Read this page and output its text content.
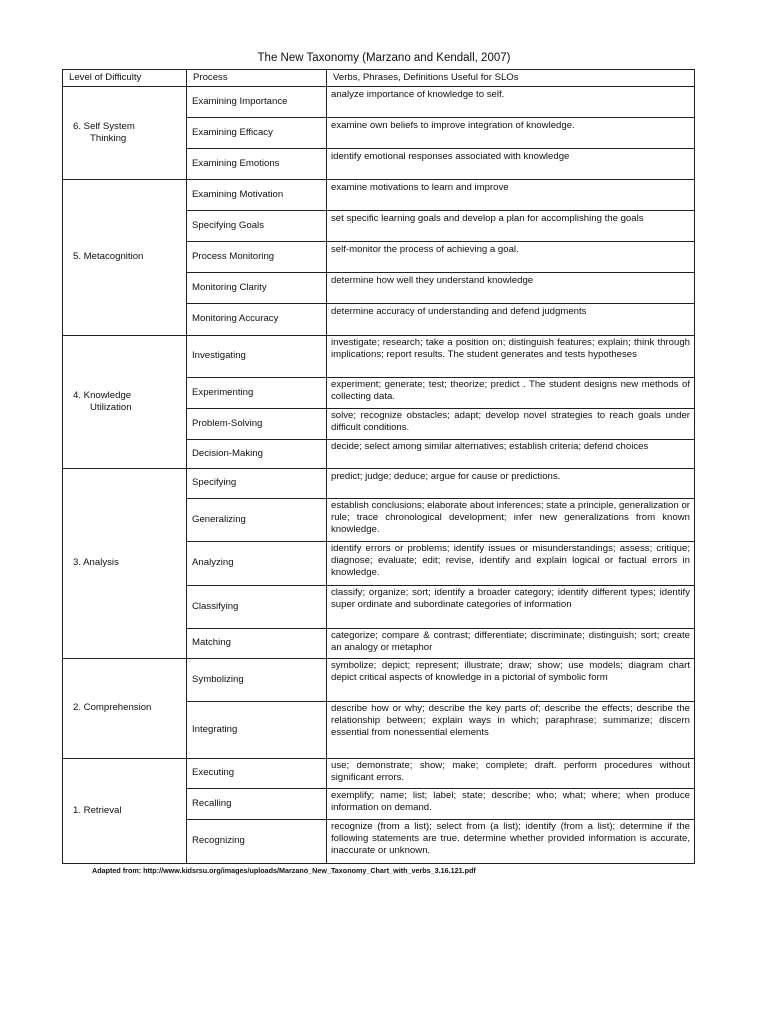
The New Taxonomy (Marzano and Kendall, 2007)
Level of Difficulty	Process	Verbs, Phrases, Definitions Useful for SLOs

6. Self System
Thinking	Examining Importance	analyze importance of knowledge to self.
	Examining Efficacy	examine own beliefs to improve integration of knowledge.
	Examining Emotions	identify emotional responses associated with knowledge

5. Metacognition	Examining Motivation	examine motivations to learn and improve
	Specifying Goals	set specific learning goals and develop a plan for accomplishing the goals
	Process Monitoring	self-monitor the process of achieving a goal.
	Monitoring Clarity	determine how well they understand knowledge
	Monitoring Accuracy	determine accuracy of understanding and defend judgments

4. Knowledge
Utilization	Investigating	investigate; research; take a position on; distinguish features; explain; think through implications; report results. The student generates and tests hypotheses
	Experimenting	experiment; generate; test; theorize; predict . The student designs new methods of collecting data.
	Problem-Solving	solve; recognize obstacles; adapt; develop novel strategies to reach goals under difficult conditions.
	Decision-Making	decide; select among similar alternatives; establish criteria; defend choices

3. Analysis	Specifying	predict; judge; deduce; argue for cause or predictions.
	Generalizing	establish conclusions; elaborate about inferences; state a principle, generalization or rule; trace chronological development; infer new generalizations from known knowledge.
	Analyzing	identify errors or problems; identify issues or misunderstandings; assess; critique; diagnose; evaluate; edit; revise, identify and explain logical or factual errors in knowledge.
	Classifying	classify; organize; sort; identify a broader category; identify different types; identify super ordinate and subordinate categories of information
	Matching	categorize; compare & contrast; differentiate; discriminate; distinguish; sort; create an analogy or metaphor

2. Comprehension	Symbolizing	symbolize; depict; represent; illustrate; draw; show; use models; diagram chart depict critical aspects of knowledge in a pictorial of symbolic form
	Integrating	describe how or why; describe the key parts of; describe the effects; describe the relationship between; explain ways in which; paraphrase; summarize; discern essential from nonessential elements

1. Retrieval	Executing	use; demonstrate; show; make; complete; draft. perform procedures without significant errors.
	Recalling	exemplify; name; list; label; state; describe; who; what; where; when produce information on demand.
	Recognizing	recognize (from a list); select from (a list); identify (from a list); determine if the following statements are true. determine whether provided information is accurate, inaccurate or unknown.
Adapted from: http://www.kidsrsu.org/images/uploads/Marzano_New_Taxonomy_Chart_with_verbs_3.16.121.pdf
